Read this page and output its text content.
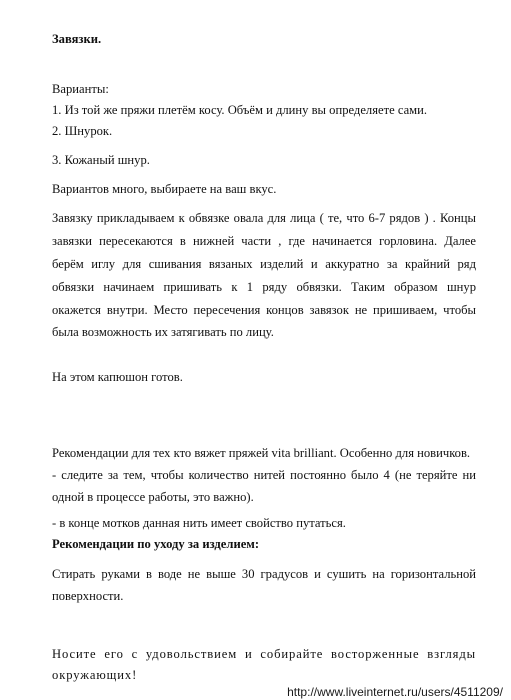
Завязки.
Варианты:
1. Из той же пряжи плетём косу. Объём и длину вы определяете сами.
2. Шнурок.
3. Кожаный шнур.
Вариантов много, выбираете на ваш вкус.
Завязку прикладываем к обвязке овала для лица ( те, что 6-7 рядов ) . Концы
завязки пересекаются в нижней части , где начинается горловина. Далее
берём иглу для сшивания вязаных изделий и аккуратно за крайний ряд
обвязки начинаем пришивать к 1 ряду обвязки. Таким образом шнур
окажется внутри. Место пересечения концов завязок не пришиваем, чтобы
была возможность их затягивать по лицу.
На этом капюшон готов.
Рекомендации для тех кто вяжет пряжей vita brilliant. Особенно для новичков.
- следите за тем, чтобы количество нитей постоянно было 4 (не теряйте ни
одной в процессе работы, это важно).
- в конце мотков данная нить имеет свойство путаться.
Рекомендации по уходу за изделием:
Стирать руками в воде не выше 30 градусов и сушить на горизонтальной
поверхности.
Носите его с удовольствием и собирайте восторженные взгляды
окружающих!
http://www.liveinternet.ru/users/4511209/
